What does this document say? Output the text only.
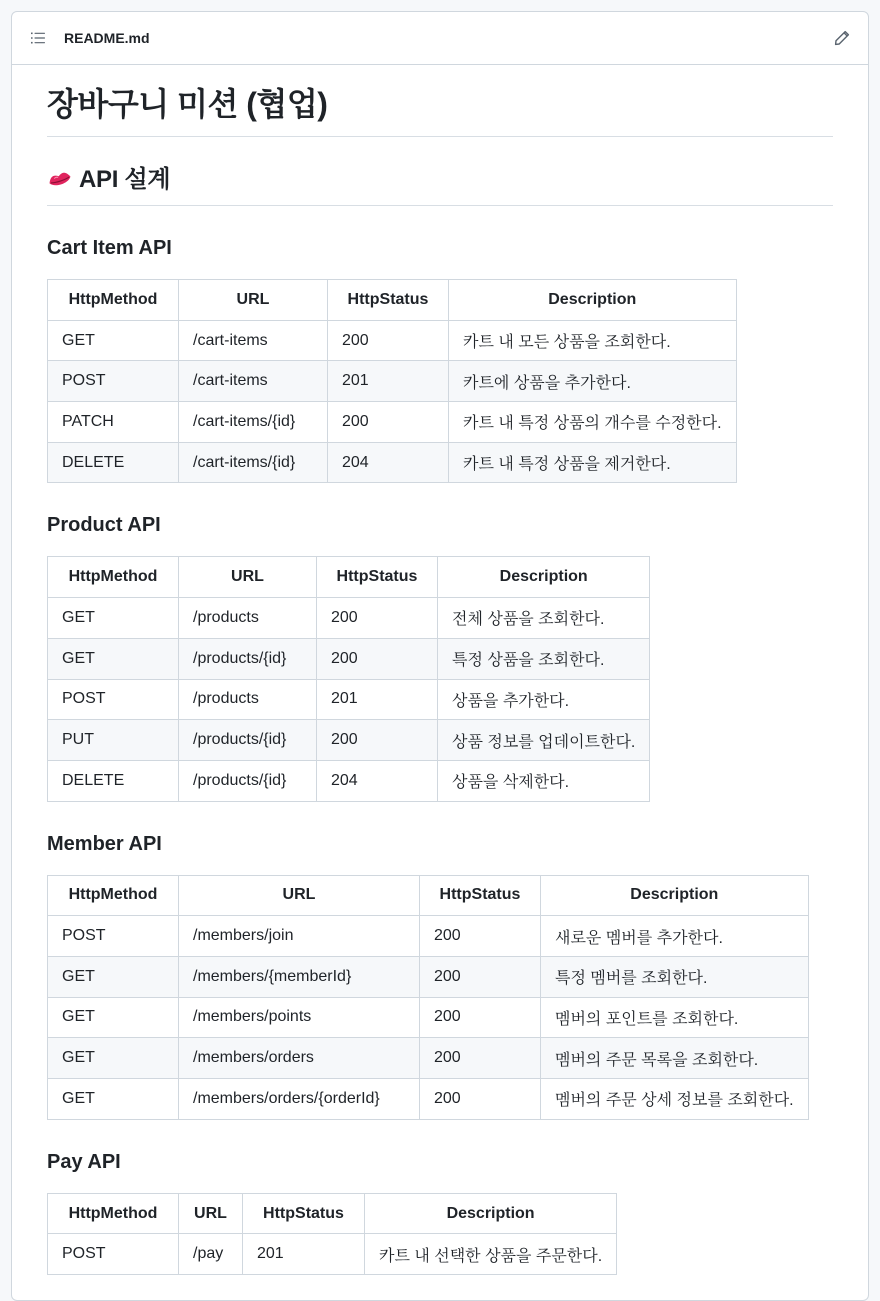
README.md
장바구니 미션 (협업)
API 설계
Cart Item API
HttpMethod	URL	HttpStatus	Description
GET	/cart-items	200	카트 내 모든 상품을 조회한다.
POST	/cart-items	201	카트에 상품을 추가한다.
PATCH	/cart-items/{id}	200	카트 내 특정 상품의 개수를 수정한다.
DELETE	/cart-items/{id}	204	카트 내 특정 상품을 제거한다.
Product API
HttpMethod	URL	HttpStatus	Description
GET	/products	200	전체 상품을 조회한다.
GET	/products/{id}	200	특정 상품을 조회한다.
POST	/products	201	상품을 추가한다.
PUT	/products/{id}	200	상품 정보를 업데이트한다.
DELETE	/products/{id}	204	상품을 삭제한다.
Member API
HttpMethod	URL	HttpStatus	Description
POST	/members/join	200	새로운 멤버를 추가한다.
GET	/members/{memberId}	200	특정 멤버를 조회한다.
GET	/members/points	200	멤버의 포인트를 조회한다.
GET	/members/orders	200	멤버의 주문 목록을 조회한다.
GET	/members/orders/{orderId}	200	멤버의 주문 상세 정보를 조회한다.
Pay API
HttpMethod	URL	HttpStatus	Description
POST	/pay	201	카트 내 선택한 상품을 주문한다.
